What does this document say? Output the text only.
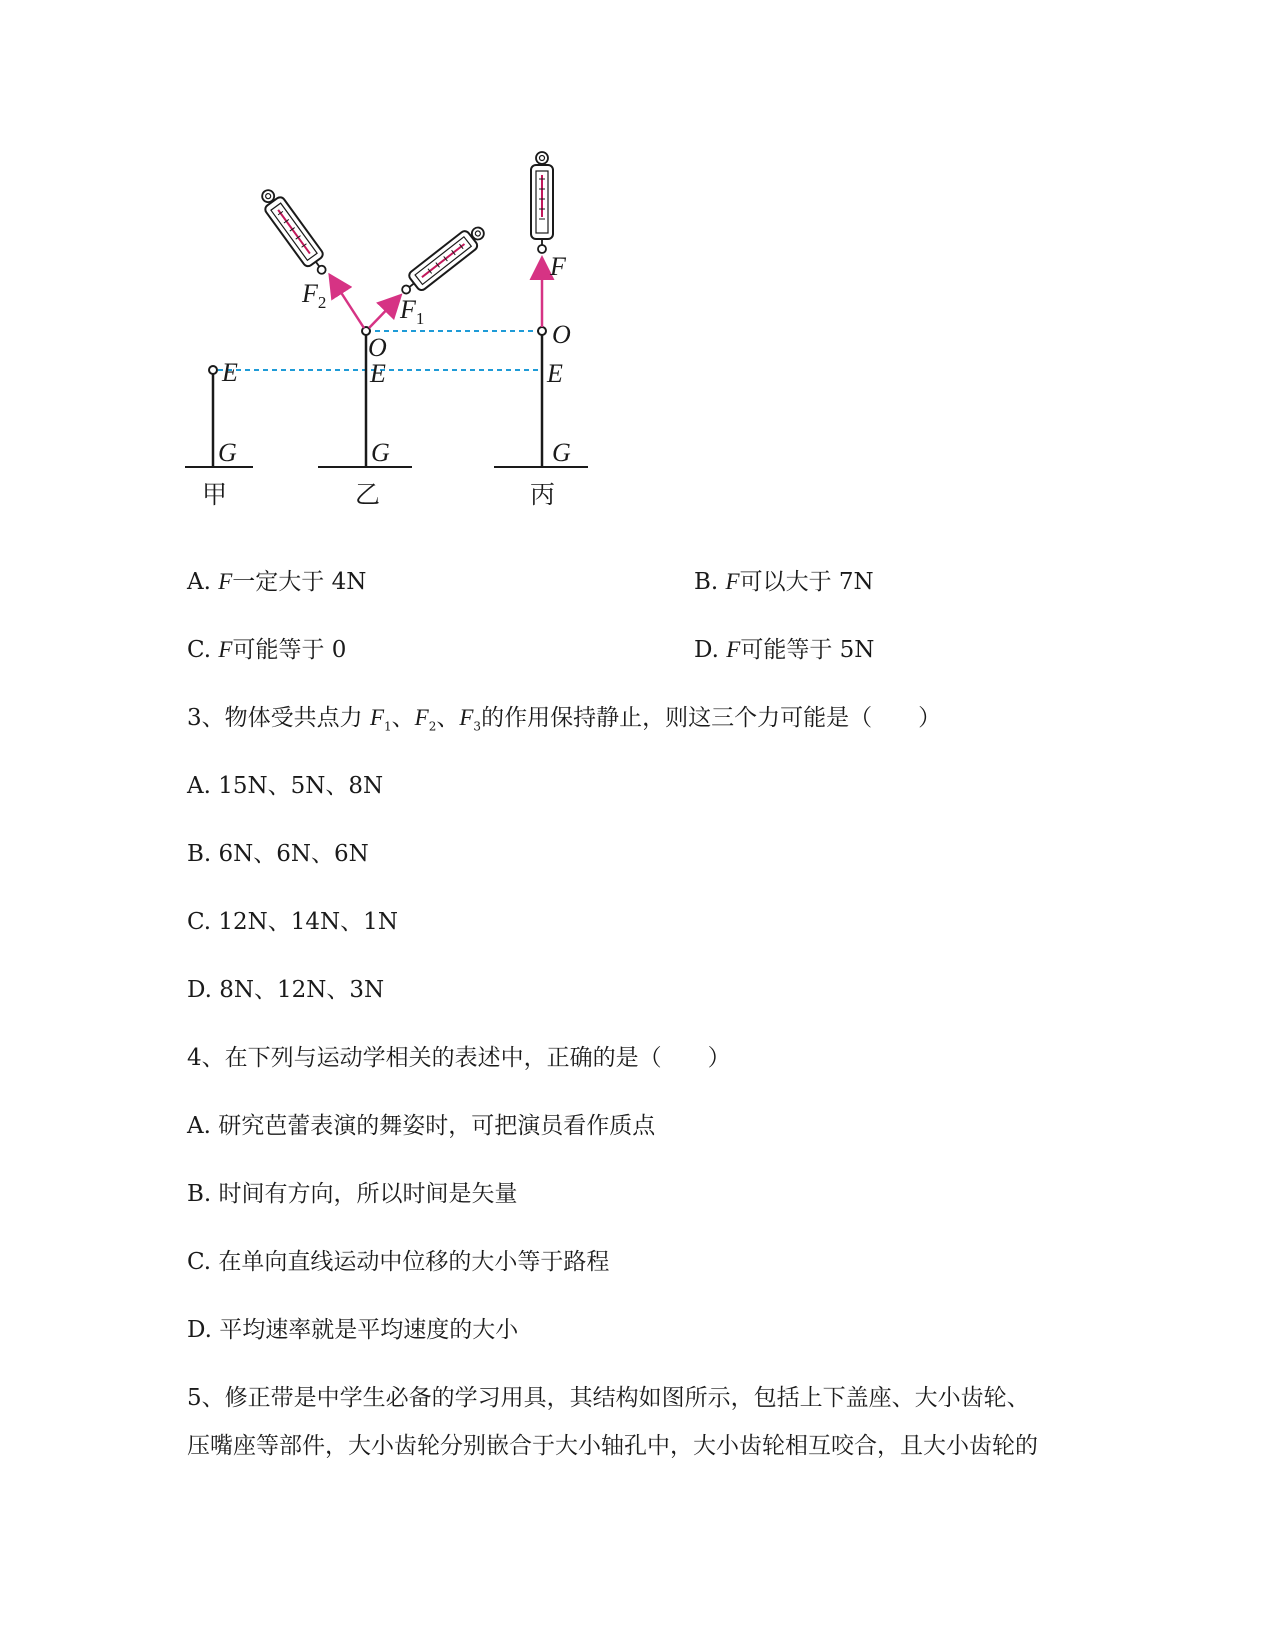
E
G
甲
O
E
G
$F_2$	$F_1$
乙
O
E
G
F
丙
A. F一定大于 4N	B. F可以大于 7N
C. F可能等于 0	D. F可能等于 5N
3、物体受共点力 $F_1$、$F_2$、$F_3$的作用保持静止，则这三个力可能是（　　）
A. 15N、5N、8N
B. 6N、6N、6N
C. 12N、14N、1N
D. 8N、12N、3N
4、在下列与运动学相关的表述中，正确的是（　　）
A. 研究芭蕾表演的舞姿时，可把演员看作质点
B. 时间有方向，所以时间是矢量
C. 在单向直线运动中位移的大小等于路程
D. 平均速率就是平均速度的大小
5、修正带是中学生必备的学习用具，其结构如图所示，包括上下盖座、大小齿轮、
压嘴座等部件，大小齿轮分别嵌合于大小轴孔中，大小齿轮相互咬合，且大小齿轮的
